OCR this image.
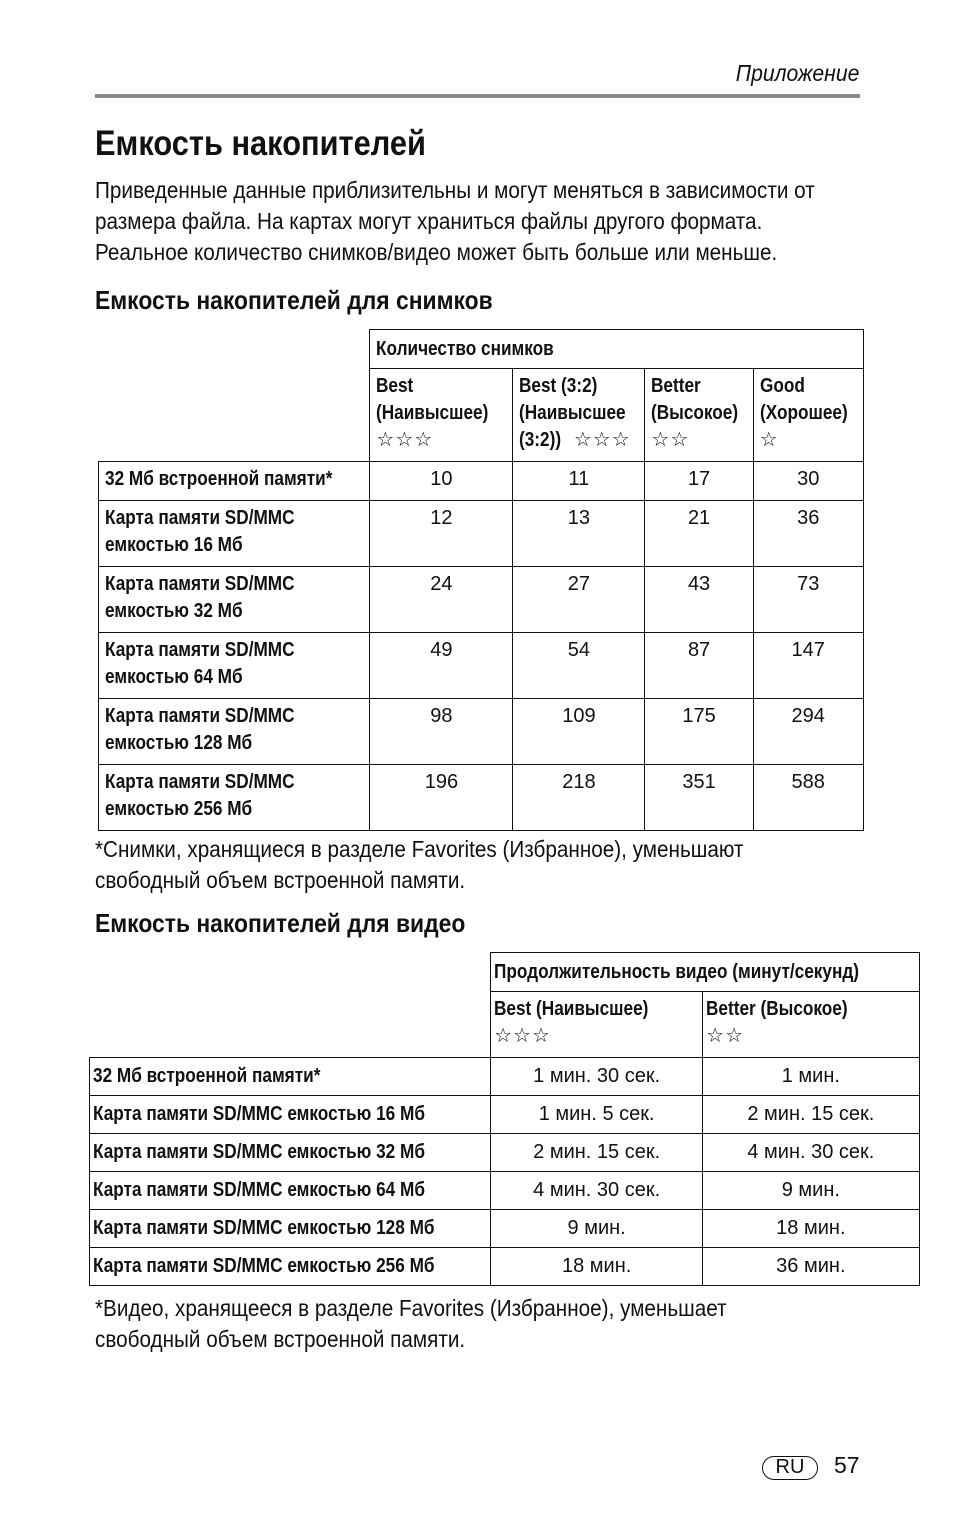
Приложение
Емкость накопителей

Приведенные данные приблизительны и могут меняться в зависимости от
размера файла. На картах могут храниться файлы другого формата.
Реальное количество снимков/видео может быть больше или меньше.

Емкость накопителей для снимков
	Количество снимков			
	Best
(Наивысшее)
☆☆☆	Best (3:2)
(Наивысшее
(3:2)) ☆☆☆	Better
(Высокое)
☆☆	Good
(Хорошее)
☆
32 Мб встроенной памяти*	10	11	17	30
Карта памяти SD/MMC
емкостью 16 Мб	12	13	21	36
Карта памяти SD/MMC
емкостью 32 Мб	24	27	43	73
Карта памяти SD/MMC
емкостью 64 Мб	49	54	87	147
Карта памяти SD/MMC
емкостью 128 Мб	98	109	175	294
Карта памяти SD/MMC
емкостью 256 Мб	196	218	351	588

*Снимки, хранящиеся в разделе Favorites (Избранное), уменьшают
свободный объем встроенной памяти.

Емкость накопителей для видео
	Продолжительность видео (минут/секунд)	
	Best (Наивысшее)
☆☆☆	Better (Высокое)
☆☆
32 Мб встроенной памяти*	1 мин. 30 сек.	1 мин.
Карта памяти SD/MMC емкостью 16 Мб	1 мин. 5 сек.	2 мин. 15 сек.
Карта памяти SD/MMC емкостью 32 Мб	2 мин. 15 сек.	4 мин. 30 сек.
Карта памяти SD/MMC емкостью 64 Мб	4 мин. 30 сек.	9 мин.
Карта памяти SD/MMC емкостью 128 Мб	9 мин.	18 мин.
Карта памяти SD/MMC емкостью 256 Мб	18 мин.	36 мин.

*Видео, хранящееся в разделе Favorites (Избранное), уменьшает
свободный объем встроенной памяти.

RU	57
